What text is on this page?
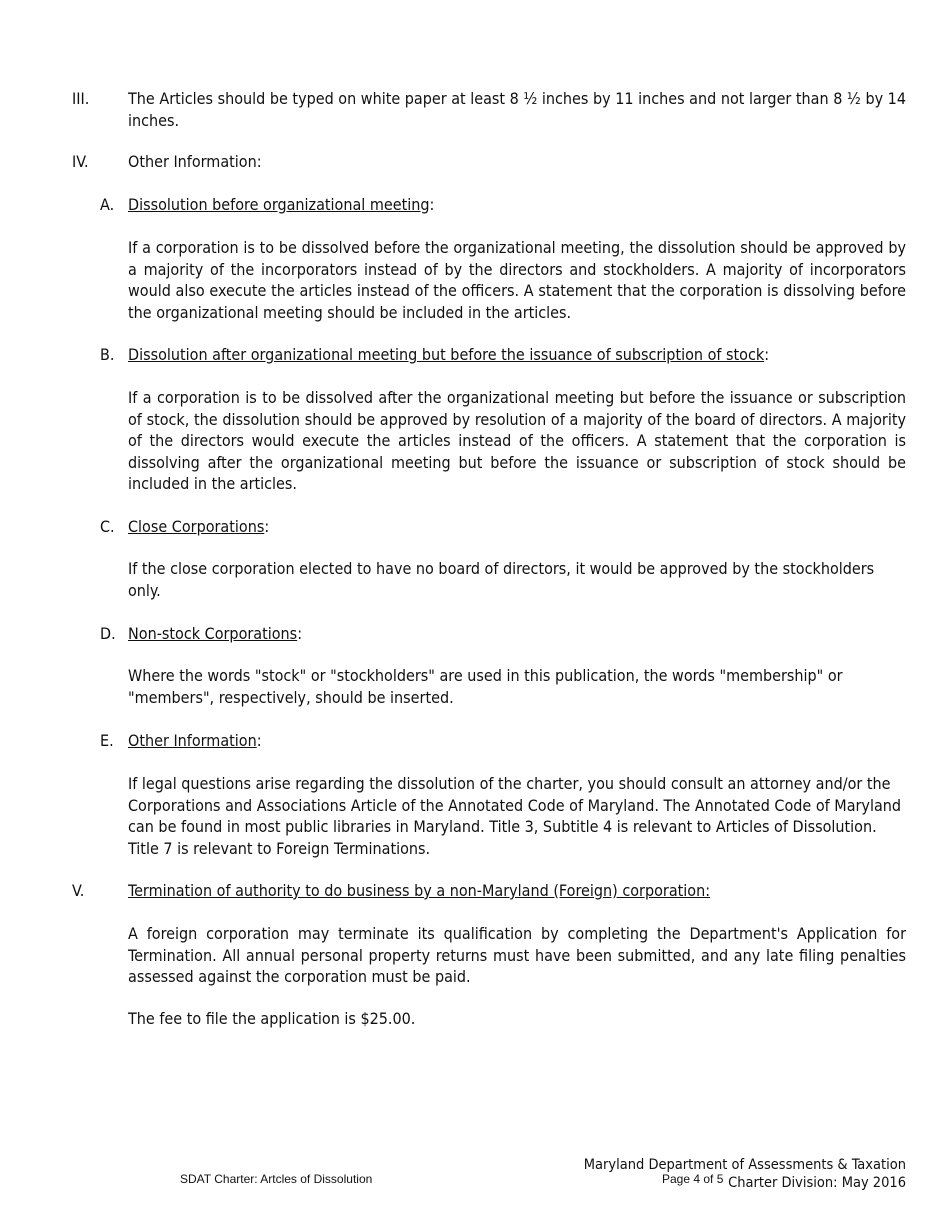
III. The Articles should be typed on white paper at least 8 ½ inches by 11 inches and not larger than 8 ½ by 14 inches.
IV. Other Information:
A. Dissolution before organizational meeting:
If a corporation is to be dissolved before the organizational meeting, the dissolution should be approved by a majority of the incorporators instead of by the directors and stockholders. A majority of incorporators would also execute the articles instead of the officers. A statement that the corporation is dissolving before the organizational meeting should be included in the articles.
B. Dissolution after organizational meeting but before the issuance of subscription of stock:
If a corporation is to be dissolved after the organizational meeting but before the issuance or subscription of stock, the dissolution should be approved by resolution of a majority of the board of directors. A majority of the directors would execute the articles instead of the officers. A statement that the corporation is dissolving after the organizational meeting but before the issuance or subscription of stock should be included in the articles.
C. Close Corporations:
If the close corporation elected to have no board of directors, it would be approved by the stockholders only.
D. Non-stock Corporations:
Where the words "stock" or "stockholders" are used in this publication, the words "membership" or "members", respectively, should be inserted.
E. Other Information:
If legal questions arise regarding the dissolution of the charter, you should consult an attorney and/or the Corporations and Associations Article of the Annotated Code of Maryland. The Annotated Code of Maryland can be found in most public libraries in Maryland. Title 3, Subtitle 4 is relevant to Articles of Dissolution. Title 7 is relevant to Foreign Terminations.
V.	Termination of authority to do business by a non-Maryland (Foreign) corporation:
A foreign corporation may terminate its qualification by completing the Department's Application for Termination. All annual personal property returns must have been submitted, and any late filing penalties assessed against the corporation must be paid.
The fee to file the application is $25.00.
SDAT Charter: Artcles of Dissolution	Page 4 of 5
Maryland Department of Assessments & Taxation
Charter Division: May 2016
